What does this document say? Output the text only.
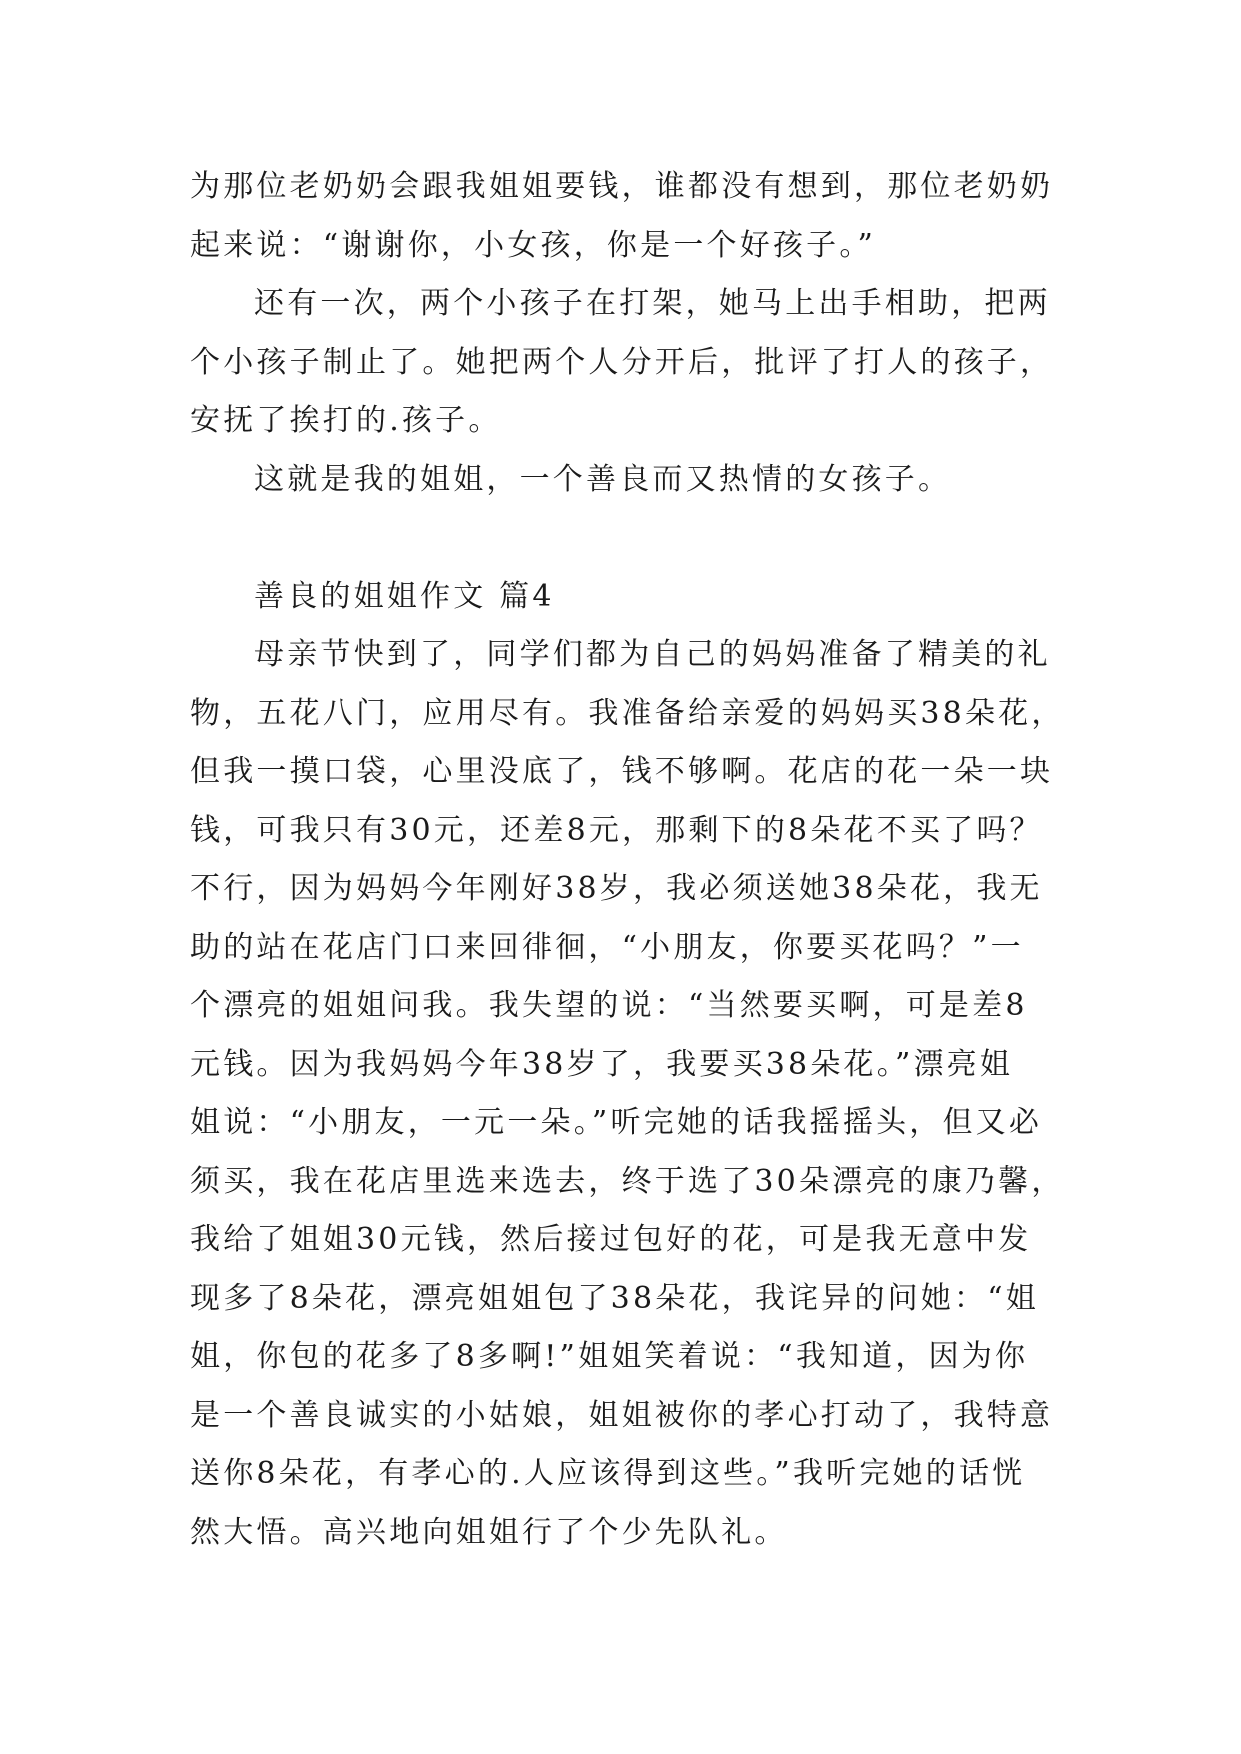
为那位老奶奶会跟我姐姐要钱，谁都没有想到，那位老奶奶
起来说：“谢谢你，小女孩，你是一个好孩子。”
还有一次，两个小孩子在打架，她马上出手相助，把两
个小孩子制止了。她把两个人分开后，批评了打人的孩子，
安抚了挨打的.孩子。
这就是我的姐姐，一个善良而又热情的女孩子。
善良的姐姐作文 篇4
母亲节快到了，同学们都为自己的妈妈准备了精美的礼
物，五花八门，应用尽有。我准备给亲爱的妈妈买38朵花，
但我一摸口袋，心里没底了，钱不够啊。花店的花一朵一块
钱，可我只有30元，还差8元，那剩下的8朵花不买了吗？
不行，因为妈妈今年刚好38岁，我必须送她38朵花，我无
助的站在花店门口来回徘徊，“小朋友，你要买花吗？”一
个漂亮的姐姐问我。我失望的说：“当然要买啊，可是差8
元钱。因为我妈妈今年38岁了，我要买38朵花。”漂亮姐
姐说：“小朋友，一元一朵。”听完她的话我摇摇头，但又必
须买，我在花店里选来选去，终于选了30朵漂亮的康乃馨，
我给了姐姐30元钱，然后接过包好的花，可是我无意中发
现多了8朵花，漂亮姐姐包了38朵花，我诧异的问她：“姐
姐，你包的花多了8多啊!”姐姐笑着说：“我知道，因为你
是一个善良诚实的小姑娘，姐姐被你的孝心打动了，我特意
送你8朵花，有孝心的.人应该得到这些。”我听完她的话恍
然大悟。高兴地向姐姐行了个少先队礼。
